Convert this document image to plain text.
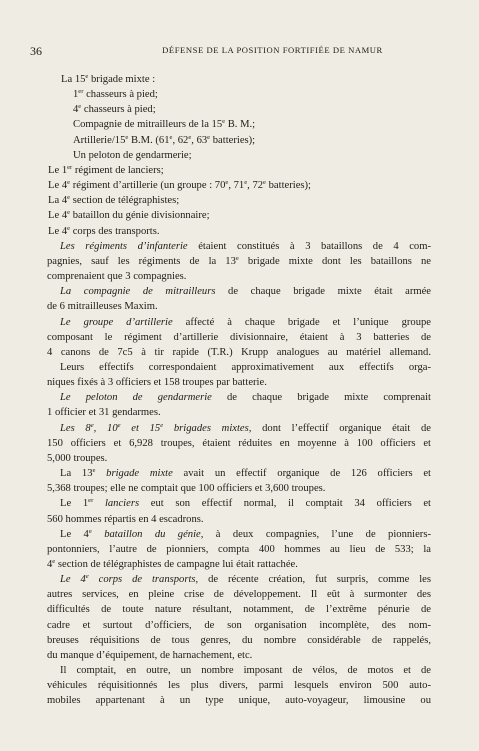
36	DÉFENSE DE LA POSITION FORTIFIÉE DE NAMUR
La 15e brigade mixte :
1er chasseurs à pied;
4e chasseurs à pied;
Compagnie de mitrailleurs de la 15e B. M.;
Artillerie/15e B.M. (61e, 62e, 63e batteries);
Un peloton de gendarmerie;
Le 1er régiment de lanciers;
Le 4e régiment d’artillerie (un groupe : 70e, 71e, 72e batteries);
La 4e section de télégraphistes;
Le 4e bataillon du génie divisionnaire;
Le 4e corps des transports.
Les régiments d’infanterie étaient constitués à 3 bataillons de 4 com-
pagnies, sauf les régiments de la 13e brigade mixte dont les bataillons ne
comprenaient que 3 compagnies.
La compagnie de mitrailleurs de chaque brigade mixte était armée
de 6 mitrailleuses Maxim.
Le groupe d’artillerie affecté à chaque brigade et l’unique groupe
composant le régiment d’artillerie divisionnaire, étaient à 3 batteries de
4 canons de 7c5 à tir rapide (T.R.) Krupp analogues au matériel allemand.
Leurs effectifs correspondaient approximativement aux effectifs orga-
niques fixés à 3 officiers et 158 troupes par batterie.
Le peloton de gendarmerie de chaque brigade mixte comprenait
1 officier et 31 gendarmes.
Les 8e, 10e et 15e brigades mixtes, dont l’effectif organique était de
150 officiers et 6,928 troupes, étaient réduites en moyenne à 100 officiers et
5,000 troupes.
La 13e brigade mixte avait un effectif organique de 126 officiers et
5,368 troupes; elle ne comptait que 100 officiers et 3,600 troupes.
Le 1er lanciers eut son effectif normal, il comptait 34 officiers et
560 hommes répartis en 4 escadrons.
Le 4e bataillon du génie, à deux compagnies, l’une de pionniers-
pontonniers, l’autre de pionniers, compta 400 hommes au lieu de 533; la
4e section de télégraphistes de campagne lui était rattachée.
Le 4e corps de transports, de récente création, fut surpris, comme les
autres services, en pleine crise de développement. Il eût à surmonter des
difficultés de toute nature résultant, notamment, de l’extrême pénurie de
cadre et surtout d’officiers, de son organisation incomplète, des nom-
breuses réquisitions de tous genres, du nombre considérable de rappelés,
du manque d’équipement, de harnachement, etc.
Il comptait, en outre, un nombre imposant de vélos, de motos et de
véhicules réquisitionnés les plus divers, parmi lesquels environ 500 auto-
mobiles appartenant à un type unique, auto-voyageur, limousine ou
